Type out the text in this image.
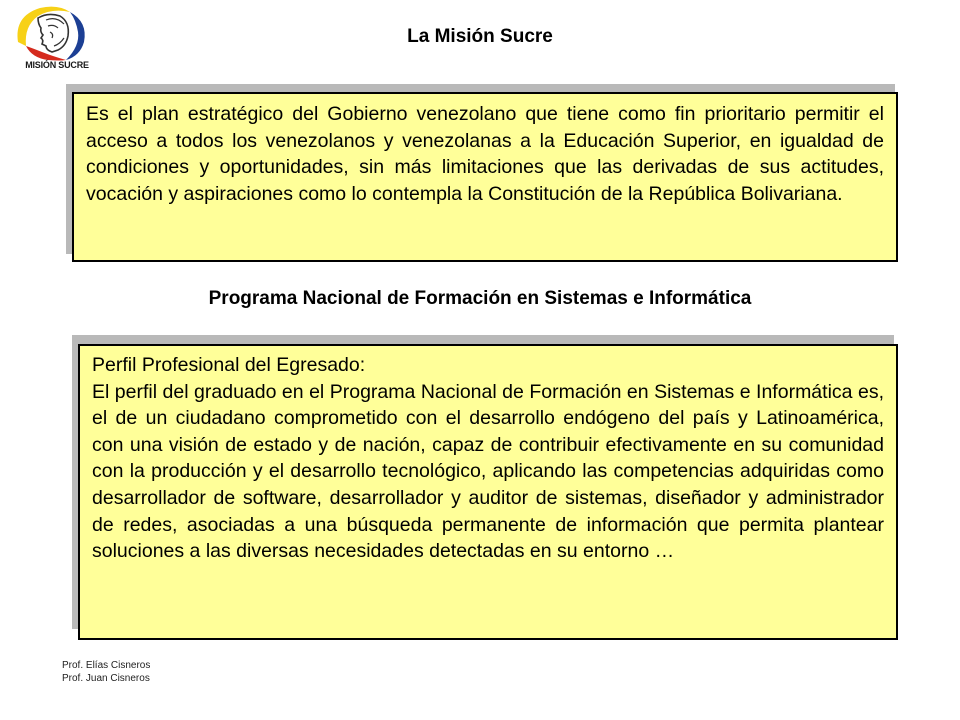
MISIÓN SUCRE
La Misión Sucre

Es el plan estratégico del Gobierno venezolano que tiene como fin prioritario permitir el acceso a todos los venezolanos y venezolanas a la Educación Superior, en igualdad de condiciones y oportunidades, sin más limitaciones que las derivadas de sus actitudes, vocación y aspiraciones como lo contempla la Constitución de la República Bolivariana.

Programa Nacional de Formación en Sistemas e Informática

Perfil Profesional del Egresado:

El perfil del graduado en el Programa Nacional de Formación en Sistemas e Informática es, el de un ciudadano comprometido con el desarrollo endógeno del país y Latinoamérica, con una visión de estado y de nación, capaz de contribuir efectivamente en su comunidad con la producción y el desarrollo tecnológico, aplicando las competencias adquiridas como desarrollador de software, desarrollador y auditor de sistemas, diseñador y administrador de redes, asociadas a una búsqueda permanente de información que permita plantear soluciones a las diversas necesidades detectadas en su entorno …

Prof. Elías Cisneros
Prof. Juan Cisneros
